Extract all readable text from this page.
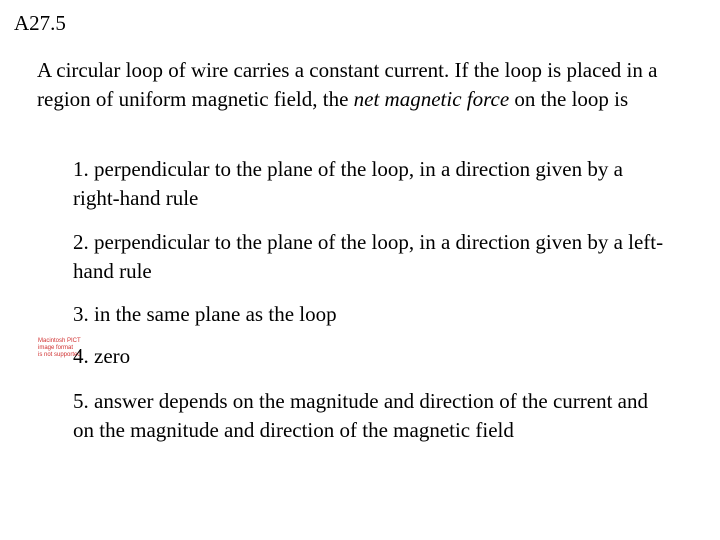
A27.5
A circular loop of wire carries a constant current. If the loop is placed in a region of uniform magnetic field, the net magnetic force on the loop is
1. perpendicular to the plane of the loop, in a direction given by a right-hand rule
2. perpendicular to the plane of the loop, in a direction given by a left-hand rule
3. in the same plane as the loop
Macintosh PICT
image format
is not supported
4. zero
5. answer depends on the magnitude and direction of the current and on the magnitude and direction of the magnetic field
